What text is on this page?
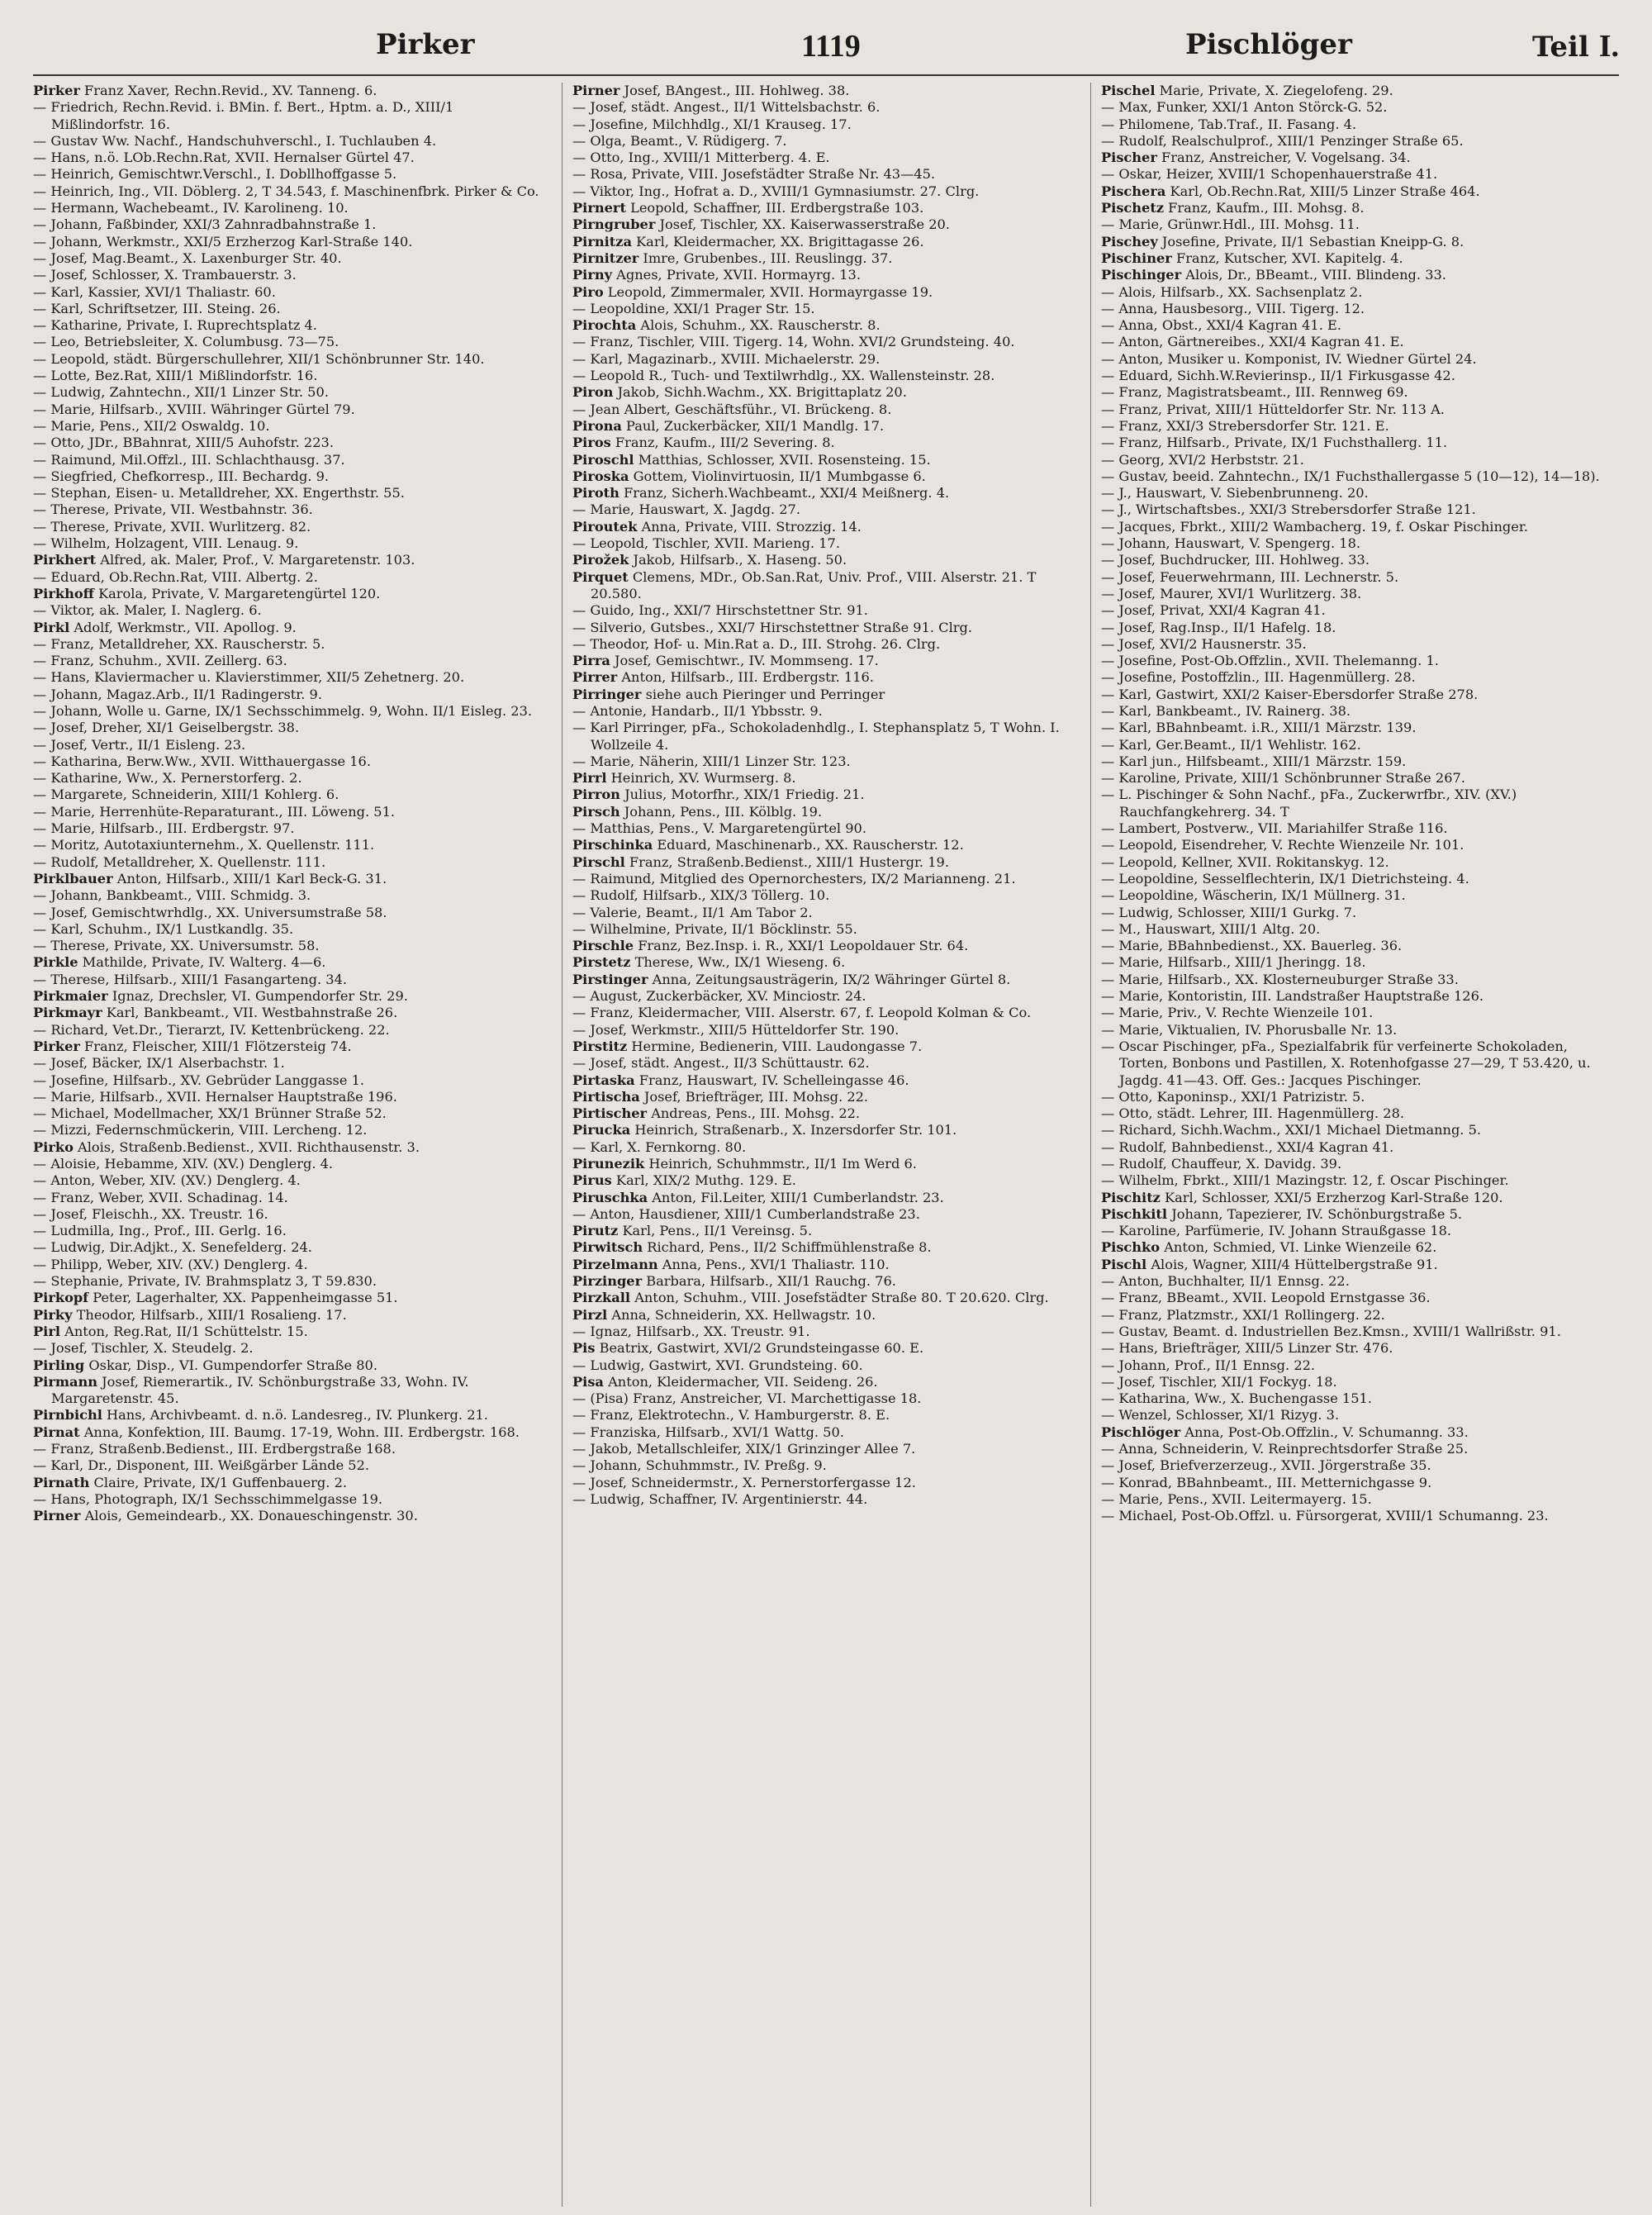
Pirker	1119	Pischlöger	Teil I.

Pirker Franz Xaver, Rechn.Revid., XV. Tanneng. 6.

— Friedrich, Rechn.Revid. i. BMin. f. Bert., Hptm. a. D., XIII/1 Mißlindorfstr. 16.

— Gustav Ww. Nachf., Handschuhverschl., I. Tuchlauben 4.

— Hans, n.ö. LOb.Rechn.Rat, XVII. Hernalser Gürtel 47.

— Heinrich, Gemischtwr.Verschl., I. Dobllhoffgasse 5.

— Heinrich, Ing., VII. Döblerg. 2, T 34.543, f. Maschinenfbrk. Pirker & Co.

— Hermann, Wachebeamt., IV. Karolineng. 10.

— Johann, Faßbinder, XXI/3 Zahnradbahnstraße 1.

— Johann, Werkmstr., XXI/5 Erzherzog Karl-Straße 140.

— Josef, Mag.Beamt., X. Laxenburger Str. 40.

— Josef, Schlosser, X. Trambauerstr. 3.

— Karl, Kassier, XVI/1 Thaliastr. 60.

— Karl, Schriftsetzer, III. Steing. 26.

— Katharine, Private, I. Ruprechtsplatz 4.

— Leo, Betriebsleiter, X. Columbusg. 73—75.

— Leopold, städt. Bürgerschullehrer, XII/1 Schönbrunner Str. 140.

— Lotte, Bez.Rat, XIII/1 Mißlindorfstr. 16.

— Ludwig, Zahntechn., XII/1 Linzer Str. 50.

— Marie, Hilfsarb., XVIII. Währinger Gürtel 79.

— Marie, Pens., XII/2 Oswaldg. 10.

— Otto, JDr., BBahnrat, XIII/5 Auhofstr. 223.

— Raimund, Mil.Offzl., III. Schlachthausg. 37.

— Siegfried, Chefkorresp., III. Bechardg. 9.

— Stephan, Eisen- u. Metalldreher, XX. Engerthstr. 55.

— Therese, Private, VII. Westbahnstr. 36.

— Therese, Private, XVII. Wurlitzerg. 82.

— Wilhelm, Holzagent, VIII. Lenaug. 9.

Pirkhert Alfred, ak. Maler, Prof., V. Margaretenstr. 103.

— Eduard, Ob.Rechn.Rat, VIII. Albertg. 2.

Pirkhoff Karola, Private, V. Margaretengürtel 120.

— Viktor, ak. Maler, I. Naglerg. 6.

Pirkl Adolf, Werkmstr., VII. Apollog. 9.

— Franz, Metalldreher, XX. Rauscherstr. 5.

— Franz, Schuhm., XVII. Zeillerg. 63.

— Hans, Klaviermacher u. Klavierstimmer, XII/5 Zehetnerg. 20.

— Johann, Magaz.Arb., II/1 Radingerstr. 9.

— Johann, Wolle u. Garne, IX/1 Sechsschimmelg. 9, Wohn. II/1 Eisleg. 23.

— Josef, Dreher, XI/1 Geiselbergstr. 38.

— Josef, Vertr., II/1 Eisleng. 23.

— Katharina, Berw.Ww., XVII. Witthauergasse 16.

— Katharine, Ww., X. Pernerstorferg. 2.

— Margarete, Schneiderin, XIII/1 Kohlerg. 6.

— Marie, Herrenhüte-Reparaturant., III. Löweng. 51.

— Marie, Hilfsarb., III. Erdbergstr. 97.

— Moritz, Autotaxiunternehm., X. Quellenstr. 111.

— Rudolf, Metalldreher, X. Quellenstr. 111.

Pirklbauer Anton, Hilfsarb., XIII/1 Karl Beck-G. 31.

— Johann, Bankbeamt., VIII. Schmidg. 3.

— Josef, Gemischtwrhdlg., XX. Universumstraße 58.

— Karl, Schuhm., IX/1 Lustkandlg. 35.

— Therese, Private, XX. Universumstr. 58.

Pirkle Mathilde, Private, IV. Walterg. 4—6.

— Therese, Hilfsarb., XIII/1 Fasangarteng. 34.

Pirkmaier Ignaz, Drechsler, VI. Gumpendorfer Str. 29.

Pirkmayr Karl, Bankbeamt., VII. Westbahnstraße 26.

— Richard, Vet.Dr., Tierarzt, IV. Kettenbrückeng. 22.

Pirker Franz, Fleischer, XIII/1 Flötzersteig 74.

— Josef, Bäcker, IX/1 Alserbachstr. 1.

— Josefine, Hilfsarb., XV. Gebrüder Langgasse 1.

— Marie, Hilfsarb., XVII. Hernalser Hauptstraße 196.

— Michael, Modellmacher, XX/1 Brünner Straße 52.

— Mizzi, Federnschmückerin, VIII. Lercheng. 12.

Pirko Alois, Straßenb.Bedienst., XVII. Richthausenstr. 3.

— Aloisie, Hebamme, XIV. (XV.) Denglerg. 4.

— Anton, Weber, XIV. (XV.) Denglerg. 4.

— Franz, Weber, XVII. Schadinag. 14.

— Josef, Fleischh., XX. Treustr. 16.

— Ludmilla, Ing., Prof., III. Gerlg. 16.

— Ludwig, Dir.Adjkt., X. Senefelderg. 24.

— Philipp, Weber, XIV. (XV.) Denglerg. 4.

— Stephanie, Private, IV. Brahmsplatz 3, T 59.830.

Pirkopf Peter, Lagerhalter, XX. Pappenheimgasse 51.

Pirky Theodor, Hilfsarb., XIII/1 Rosalieng. 17.

Pirl Anton, Reg.Rat, II/1 Schüttelstr. 15.

— Josef, Tischler, X. Steudelg. 2.

Pirling Oskar, Disp., VI. Gumpendorfer Straße 80.

Pirmann Josef, Riemerartik., IV. Schönburgstraße 33, Wohn. IV. Margaretenstr. 45.

Pirnbichl Hans, Archivbeamt. d. n.ö. Landesreg., IV. Plunkerg. 21.

Pirnat Anna, Konfektion, III. Baumg. 17-19, Wohn. III. Erdbergstr. 168.

— Franz, Straßenb.Bedienst., III. Erdbergstraße 168.

— Karl, Dr., Disponent, III. Weißgärber Lände 52.

Pirnath Claire, Private, IX/1 Guffenbauerg. 2.

— Hans, Photograph, IX/1 Sechsschimmelgasse 19.

Pirner Alois, Gemeindearb., XX. Donaueschingenstr. 30.

Pirner Josef, BAngest., III. Hohlweg. 38.

— Josef, städt. Angest., II/1 Wittelsbachstr. 6.

— Josefine, Milchhdlg., XI/1 Krauseg. 17.

— Olga, Beamt., V. Rüdigerg. 7.

— Otto, Ing., XVIII/1 Mitterberg. 4. E.

— Rosa, Private, VIII. Josefstädter Straße Nr. 43—45.

— Viktor, Ing., Hofrat a. D., XVIII/1 Gymnasiumstr. 27. Clrg.

Pirnert Leopold, Schaffner, III. Erdbergstraße 103.

Pirngruber Josef, Tischler, XX. Kaiserwasserstraße 20.

Pirnitza Karl, Kleidermacher, XX. Brigittagasse 26.

Pirnitzer Imre, Grubenbes., III. Reuslingg. 37.

Pirny Agnes, Private, XVII. Hormayrg. 13.

Piro Leopold, Zimmermaler, XVII. Hormayrgasse 19.

— Leopoldine, XXI/1 Prager Str. 15.

Pirochta Alois, Schuhm., XX. Rauscherstr. 8.

— Franz, Tischler, VIII. Tigerg. 14, Wohn. XVI/2 Grundsteing. 40.

— Karl, Magazinarb., XVIII. Michaelerstr. 29.

— Leopold R., Tuch- und Textilwrhdlg., XX. Wallensteinstr. 28.

Piron Jakob, Sichh.Wachm., XX. Brigittaplatz 20.

— Jean Albert, Geschäftsführ., VI. Brückeng. 8.

Pirona Paul, Zuckerbäcker, XII/1 Mandlg. 17.

Piros Franz, Kaufm., III/2 Severing. 8.

Piroschl Matthias, Schlosser, XVII. Rosensteing. 15.

Piroska Gottem, Violinvirtuosin, II/1 Mumbgasse 6.

Piroth Franz, Sicherh.Wachbeamt., XXI/4 Meißnerg. 4.

— Marie, Hauswart, X. Jagdg. 27.

Piroutek Anna, Private, VIII. Strozzig. 14.

— Leopold, Tischler, XVII. Marieng. 17.

Pirožek Jakob, Hilfsarb., X. Haseng. 50.

Pirquet Clemens, MDr., Ob.San.Rat, Univ. Prof., VIII. Alserstr. 21. T 20.580.

— Guido, Ing., XXI/7 Hirschstettner Str. 91.

— Silverio, Gutsbes., XXI/7 Hirschstettner Straße 91. Clrg.

— Theodor, Hof- u. Min.Rat a. D., III. Strohg. 26. Clrg.

Pirra Josef, Gemischtwr., IV. Mommseng. 17.

Pirrer Anton, Hilfsarb., III. Erdbergstr. 116.

Pirringer siehe auch Pieringer und Perringer

— Antonie, Handarb., II/1 Ybbsstr. 9.

— Karl Pirringer, pFa., Schokoladenhdlg., I. Stephansplatz 5, T Wohn. I. Wollzeile 4.

— Marie, Näherin, XIII/1 Linzer Str. 123.

Pirrl Heinrich, XV. Wurmserg. 8.

Pirron Julius, Motorfhr., XIX/1 Friedig. 21.

Pirsch Johann, Pens., III. Kölblg. 19.

— Matthias, Pens., V. Margaretengürtel 90.

Pirschinka Eduard, Maschinenarb., XX. Rauscherstr. 12.

Pirschl Franz, Straßenb.Bedienst., XIII/1 Hustergr. 19.

— Raimund, Mitglied des Opernorchesters, IX/2 Marianneng. 21.

— Rudolf, Hilfsarb., XIX/3 Töllerg. 10.

— Valerie, Beamt., II/1 Am Tabor 2.

— Wilhelmine, Private, II/1 Böcklinstr. 55.

Pirschle Franz, Bez.Insp. i. R., XXI/1 Leopoldauer Str. 64.

Pirstetz Therese, Ww., IX/1 Wieseng. 6.

Pirstinger Anna, Zeitungsausträgerin, IX/2 Währinger Gürtel 8.

— August, Zuckerbäcker, XV. Minciostr. 24.

— Franz, Kleidermacher, VIII. Alserstr. 67, f. Leopold Kolman & Co.

— Josef, Werkmstr., XIII/5 Hütteldorfer Str. 190.

Pirstitz Hermine, Bedienerin, VIII. Laudongasse 7.

— Josef, städt. Angest., II/3 Schüttaustr. 62.

Pirtaska Franz, Hauswart, IV. Schelleingasse 46.

Pirtischa Josef, Briefträger, III. Mohsg. 22.

Pirtischer Andreas, Pens., III. Mohsg. 22.

Pirucka Heinrich, Straßenarb., X. Inzersdorfer Str. 101.

— Karl, X. Fernkorng. 80.

Pirunezik Heinrich, Schuhmmstr., II/1 Im Werd 6.

Pirus Karl, XIX/2 Muthg. 129. E.

Piruschka Anton, Fil.Leiter, XIII/1 Cumberlandstr. 23.

— Anton, Hausdiener, XIII/1 Cumberlandstraße 23.

Pirutz Karl, Pens., II/1 Vereinsg. 5.

Pirwitsch Richard, Pens., II/2 Schiffmühlenstraße 8.

Pirzelmann Anna, Pens., XVI/1 Thaliastr. 110.

Pirzinger Barbara, Hilfsarb., XII/1 Rauchg. 76.

Pirzkall Anton, Schuhm., VIII. Josefstädter Straße 80. T 20.620. Clrg.

Pirzl Anna, Schneiderin, XX. Hellwagstr. 10.

— Ignaz, Hilfsarb., XX. Treustr. 91.

Pis Beatrix, Gastwirt, XVI/2 Grundsteingasse 60. E.

— Ludwig, Gastwirt, XVI. Grundsteing. 60.

Pisa Anton, Kleidermacher, VII. Seideng. 26.

— (Pisa) Franz, Anstreicher, VI. Marchettigasse 18.

— Franz, Elektrotechn., V. Hamburgerstr. 8. E.

— Franziska, Hilfsarb., XVI/1 Wattg. 50.

— Jakob, Metallschleifer, XIX/1 Grinzinger Allee 7.

— Johann, Schuhmmstr., IV. Preßg. 9.

— Josef, Schneidermstr., X. Pernerstorfergasse 12.

— Ludwig, Schaffner, IV. Argentinierstr. 44.

Pischel Marie, Private, X. Ziegelofeng. 29.

— Max, Funker, XXI/1 Anton Störck-G. 52.

— Philomene, Tab.Traf., II. Fasang. 4.

— Rudolf, Realschulprof., XIII/1 Penzinger Straße 65.

Pischer Franz, Anstreicher, V. Vogelsang. 34.

— Oskar, Heizer, XVIII/1 Schopenhauerstraße 41.

Pischera Karl, Ob.Rechn.Rat, XIII/5 Linzer Straße 464.

Pischetz Franz, Kaufm., III. Mohsg. 8.

— Marie, Grünwr.Hdl., III. Mohsg. 11.

Pischey Josefine, Private, II/1 Sebastian Kneipp-G. 8.

Pischiner Franz, Kutscher, XVI. Kapitelg. 4.

Pischinger Alois, Dr., BBeamt., VIII. Blindeng. 33.

— Alois, Hilfsarb., XX. Sachsenplatz 2.

— Anna, Hausbesorg., VIII. Tigerg. 12.

— Anna, Obst., XXI/4 Kagran 41. E.

— Anton, Gärtnereibes., XXI/4 Kagran 41. E.

— Anton, Musiker u. Komponist, IV. Wiedner Gürtel 24.

— Eduard, Sichh.W.Revierinsp., II/1 Firkusgasse 42.

— Franz, Magistratsbeamt., III. Rennweg 69.

— Franz, Privat, XIII/1 Hütteldorfer Str. Nr. 113 A.

— Franz, XXI/3 Strebersdorfer Str. 121. E.

— Franz, Hilfsarb., Private, IX/1 Fuchsthallerg. 11.

— Georg, XVI/2 Herbststr. 21.

— Gustav, beeid. Zahntechn., IX/1 Fuchsthallergasse 5 (10—12), 14—18).

— J., Hauswart, V. Siebenbrunneng. 20.

— J., Wirtschaftsbes., XXI/3 Strebersdorfer Straße 121.

— Jacques, Fbrkt., XIII/2 Wambacherg. 19, f. Oskar Pischinger.

— Johann, Hauswart, V. Spengerg. 18.

— Josef, Buchdrucker, III. Hohlweg. 33.

— Josef, Feuerwehrmann, III. Lechnerstr. 5.

— Josef, Maurer, XVI/1 Wurlitzerg. 38.

— Josef, Privat, XXI/4 Kagran 41.

— Josef, Rag.Insp., II/1 Hafelg. 18.

— Josef, XVI/2 Hausnerstr. 35.

— Josefine, Post-Ob.Offzlin., XVII. Thelemanng. 1.

— Josefine, Postoffzlin., III. Hagenmüllerg. 28.

— Karl, Gastwirt, XXI/2 Kaiser-Ebersdorfer Straße 278.

— Karl, Bankbeamt., IV. Rainerg. 38.

— Karl, BBahnbeamt. i.R., XIII/1 Märzstr. 139.

— Karl, Ger.Beamt., II/1 Wehlistr. 162.

— Karl jun., Hilfsbeamt., XIII/1 Märzstr. 159.

— Karoline, Private, XIII/1 Schönbrunner Straße 267.

— L. Pischinger & Sohn Nachf., pFa., Zuckerwrfbr., XIV. (XV.) Rauchfangkehrerg. 34. T

— Lambert, Postverw., VII. Mariahilfer Straße 116.

— Leopold, Eisendreher, V. Rechte Wienzeile Nr. 101.

— Leopold, Kellner, XVII. Rokitanskyg. 12.

— Leopoldine, Sesselflechterin, IX/1 Dietrichsteing. 4.

— Leopoldine, Wäscherin, IX/1 Müllnerg. 31.

— Ludwig, Schlosser, XIII/1 Gurkg. 7.

— M., Hauswart, XIII/1 Altg. 20.

— Marie, BBahnbedienst., XX. Bauerleg. 36.

— Marie, Hilfsarb., XIII/1 Jheringg. 18.

— Marie, Hilfsarb., XX. Klosterneuburger Straße 33.

— Marie, Kontoristin, III. Landstraßer Hauptstraße 126.

— Marie, Priv., V. Rechte Wienzeile 101.

— Marie, Viktualien, IV. Phorusballe Nr. 13.

— Oscar Pischinger, pFa., Spezialfabrik für verfeinerte Schokoladen, Torten, Bonbons und Pastillen, X. Rotenhofgasse 27—29, T 53.420, u. Jagdg. 41—43. Off. Ges.: Jacques Pischinger.

— Otto, Kaponinsp., XXI/1 Patrizistr. 5.

— Otto, städt. Lehrer, III. Hagenmüllerg. 28.

— Richard, Sichh.Wachm., XXI/1 Michael Dietmanng. 5.

— Rudolf, Bahnbedienst., XXI/4 Kagran 41.

— Rudolf, Chauffeur, X. Davidg. 39.

— Wilhelm, Fbrkt., XIII/1 Mazingstr. 12, f. Oscar Pischinger.

Pischitz Karl, Schlosser, XXI/5 Erzherzog Karl-Straße 120.

Pischkitl Johann, Tapezierer, IV. Schönburgstraße 5.

— Karoline, Parfümerie, IV. Johann Straußgasse 18.

Pischko Anton, Schmied, VI. Linke Wienzeile 62.

Pischl Alois, Wagner, XIII/4 Hüttelbergstraße 91.

— Anton, Buchhalter, II/1 Ennsg. 22.

— Franz, BBeamt., XVII. Leopold Ernstgasse 36.

— Franz, Platzmstr., XXI/1 Rollingerg. 22.

— Gustav, Beamt. d. Industriellen Bez.Kmsn., XVIII/1 Wallrißstr. 91.

— Hans, Briefträger, XIII/5 Linzer Str. 476.

— Johann, Prof., II/1 Ennsg. 22.

— Josef, Tischler, XII/1 Fockyg. 18.

— Katharina, Ww., X. Buchengasse 151.

— Wenzel, Schlosser, XI/1 Rizyg. 3.

Pischlöger Anna, Post-Ob.Offzlin., V. Schumanng. 33.

— Anna, Schneiderin, V. Reinprechtsdorfer Straße 25.

— Josef, Briefverzerzeug., XVII. Jörgerstraße 35.

— Konrad, BBahnbeamt., III. Metternichgasse 9.

— Marie, Pens., XVII. Leitermayerg. 15.

— Michael, Post-Ob.Offzl. u. Fürsorgerat, XVIII/1 Schumanng. 23.
